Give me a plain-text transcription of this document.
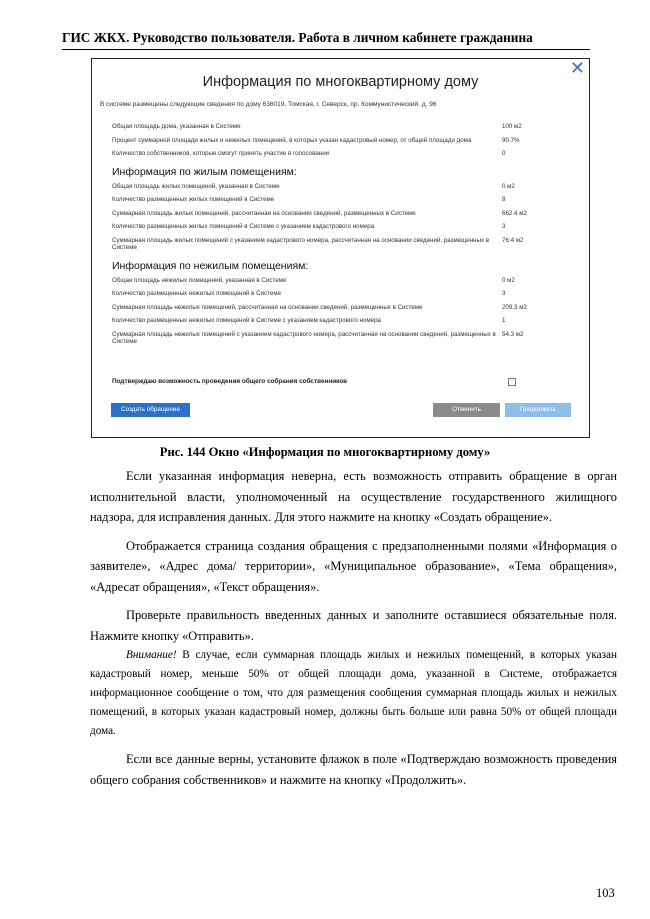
ГИС ЖКХ. Руководство пользователя. Работа в личном кабинете гражданина
✕
Информация по многоквартирному дому
В системе размещены следующие сведения по дому 636019, Томская, г. Северск, пр. Коммунистический, д. 96
Общая площадь дома, указанная в Системе	100 м2
Процент суммарной площади жилых и нежилых помещений, в которых указан кадастровый номер, от общей площади дома	90.7%
Количество собственников, которые смогут принять участие в голосовании	0
Информация по жилым помещениям:
Общая площадь жилых помещений, указанная в Системе	0 м2
Количество размещенных жилых помещений в Системе	8
Суммарная площадь жилых помещений, рассчитанная на основании сведений, размещенных в Системе	662.4 м2
Количество размещенных жилых помещений в Системе с указанием кадастрового номера	3
Суммарная площадь жилых помещений с указанием кадастрового номера, рассчитанная на основании сведений, размещенных в Системе
76.4 м2
Информация по нежилым помещениям:
Общая площадь нежилых помещений, указанная в Системе	0 м2
Количество размещенных нежилых помещений в Системе	3
Суммарная площадь нежилых помещений, рассчитанная на основании сведений, размещенных в Системе	209.3 м2
Количество размещенных нежилых помещений в Системе с указанием кадастрового номера	1
Суммарная площадь нежилых помещений с указанием кадастрового номера, рассчитанная на основании сведений, размещенных в Системе
54.3 м2
Подтверждаю возможность проведения общего собрания собственников
Создать обращение	Отменить	Продолжить
Рис. 144 Окно «Информация по многоквартирному дому»

Если указанная информация неверна, есть возможность отправить обращение в орган исполнительной власти, уполномоченный на осуществление государственного жилищного надзора, для исправления данных. Для этого нажмите на кнопку «Создать обращение».

Отображается страница создания обращения с предзаполненными полями «Информация о заявителе», «Адрес дома/ территории», «Муниципальное образование», «Тема обращения», «Адресат обращения», «Текст обращения».

Проверьте правильность введенных данных и заполните оставшиеся обязательные поля. Нажмите кнопку «Отправить».

Внимание! В случае, если суммарная площадь жилых и нежилых помещений, в которых указан кадастровый номер, меньше 50% от общей площади дома, указанной в Системе, отображается информационное сообщение о том, что для размещения сообщения суммарная площадь жилых и нежилых помещений, в которых указан кадастровый номер, должны быть больше или равна 50% от общей площади дома.

Если все данные верны, установите флажок в поле «Подтверждаю возможность проведения общего собрания собственников» и нажмите на кнопку «Продолжить».

103
